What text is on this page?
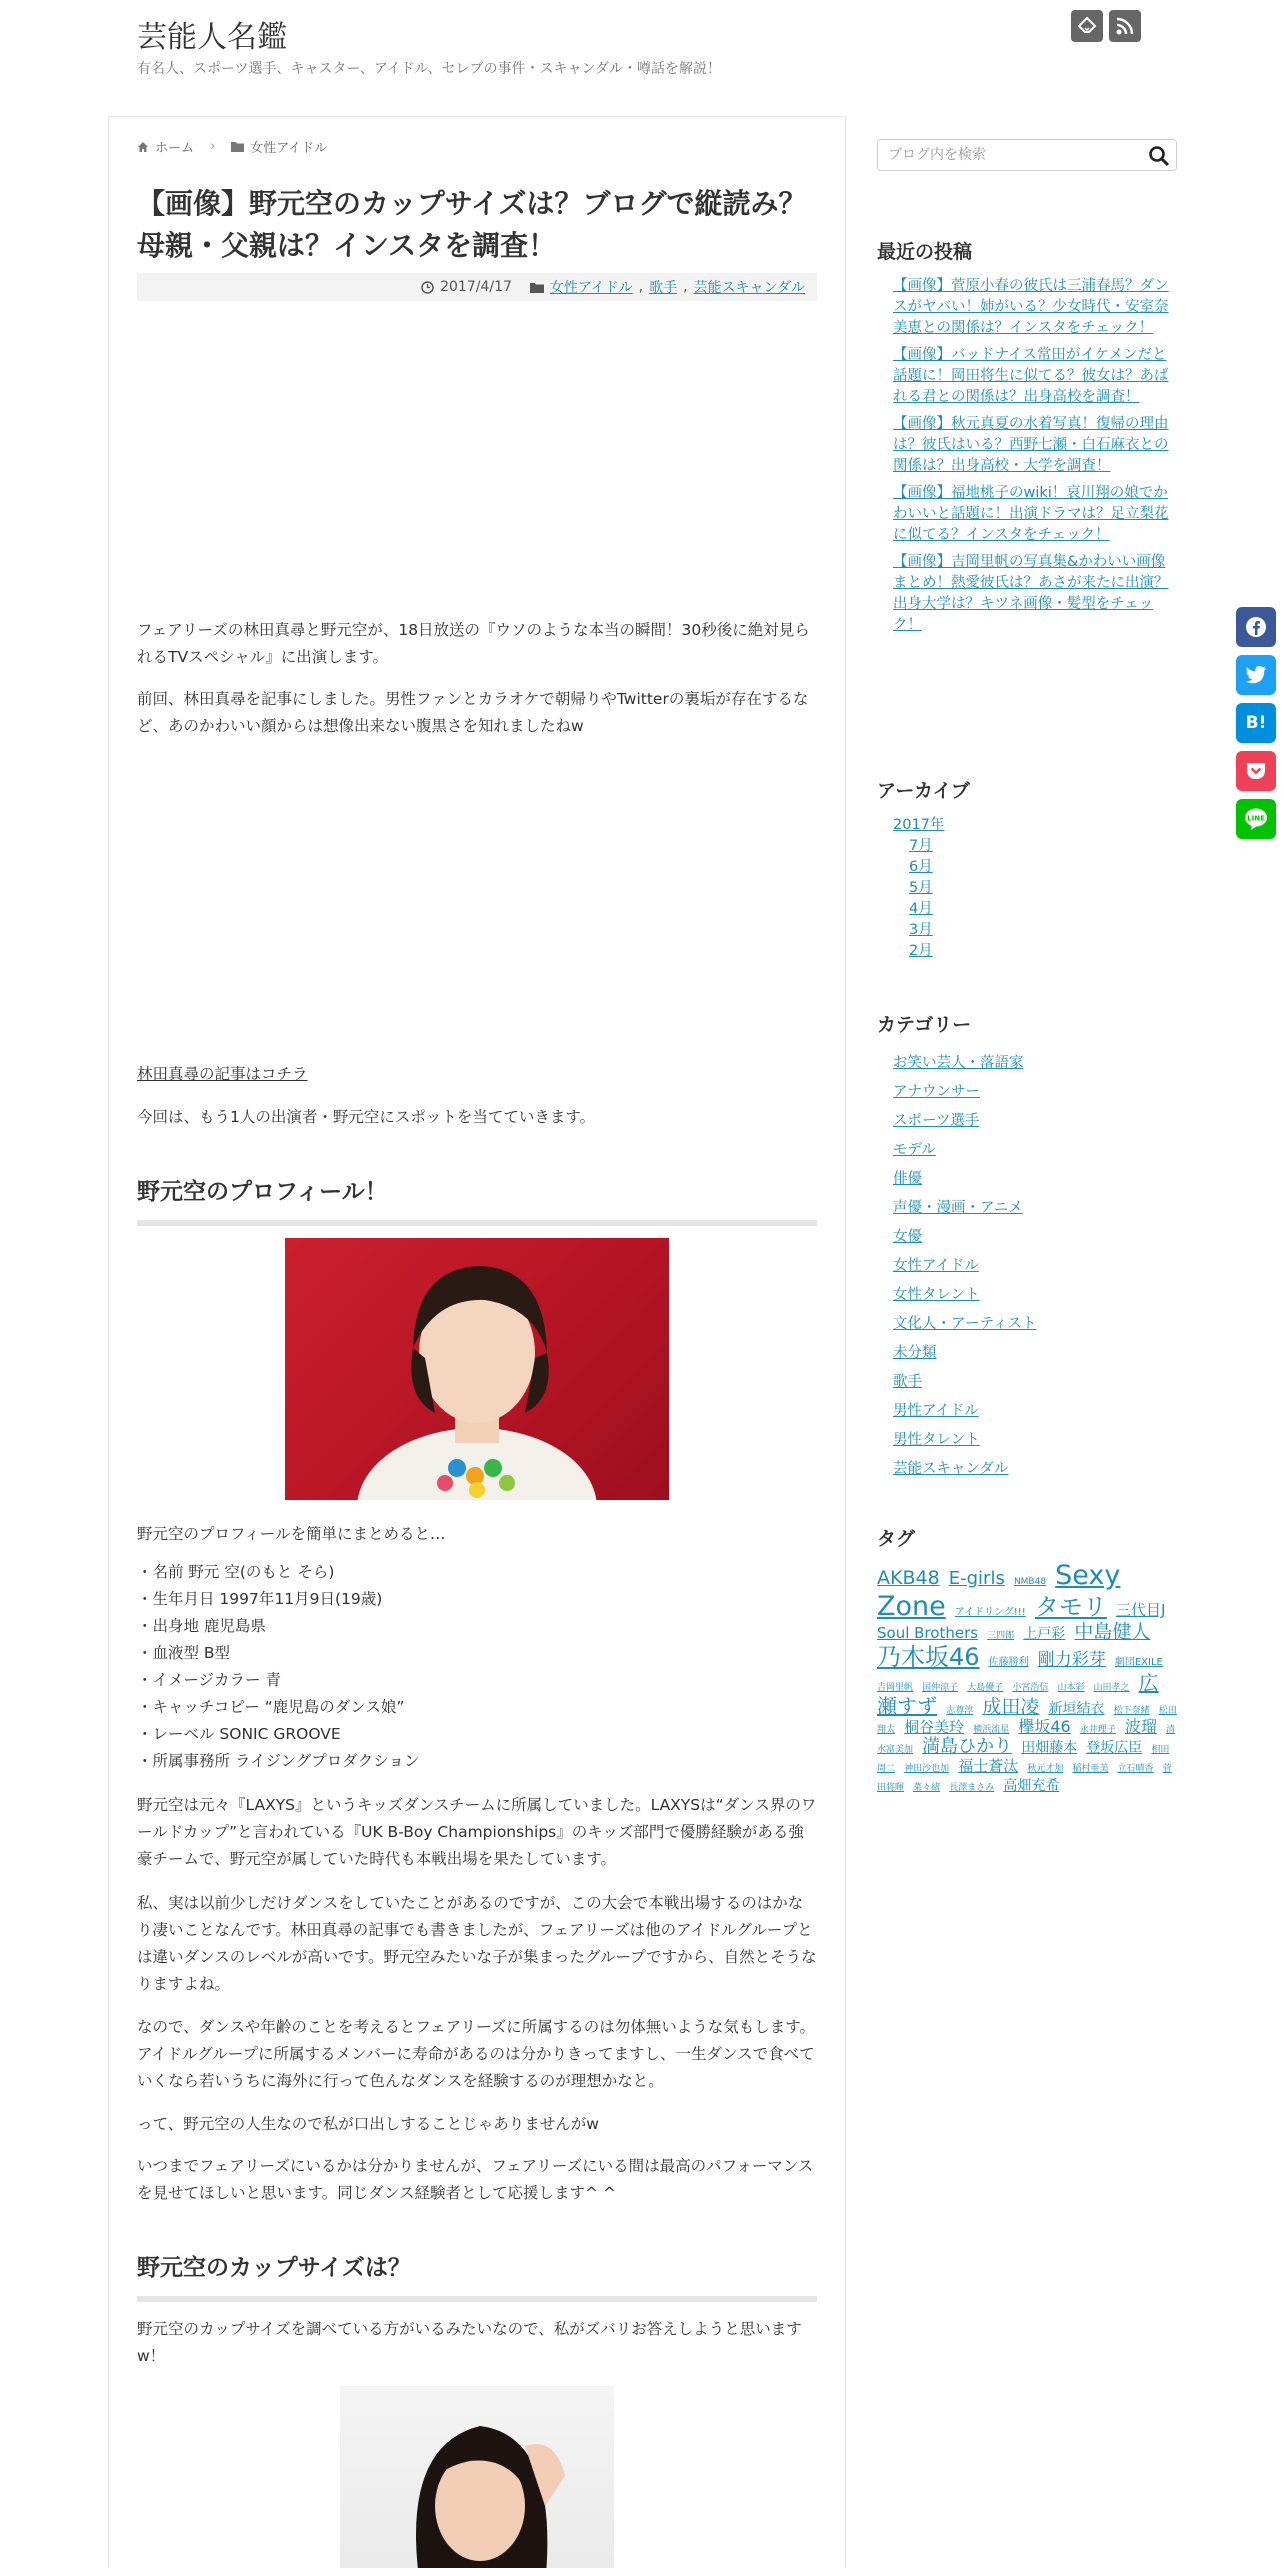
芸能人名鑑
有名人、スポーツ選手、キャスター、アイドル、セレブの事件・スキャンダル・噂話を解説！
ホーム ›	女性アイドル
【画像】野元空のカップサイズは？ブログで縦読み？母親・父親は？インスタを調査！
2017/4/17	女性アイドル , 歌手 , 芸能スキャンダル

フェアリーズの林田真尋と野元空が、18日放送の『ウソのような本当の瞬間！30秒後に絶対見られるTVスペシャル』に出演します。

前回、林田真尋を記事にしました。男性ファンとカラオケで朝帰りやTwitterの裏垢が存在するなど、あのかわいい顔からは想像出来ない腹黒さを知れましたねw

林田真尋の記事はコチラ

今回は、もう1人の出演者・野元空にスポットを当てていきます。

野元空のプロフィール！

野元空のプロフィールを簡単にまとめると…

・名前 野元 空(のもと そら)
・生年月日 1997年11月9日(19歳)
・出身地 鹿児島県
・血液型 B型
・イメージカラー 青
・キャッチコピー “鹿児島のダンス娘”
・レーベル SONIC GROOVE
・所属事務所 ライジングプロダクション

野元空は元々『LAXYS』というキッズダンスチームに所属していました。LAXYSは“ダンス界のワールドカップ”と言われている『UK B-Boy Championships』のキッズ部門で優勝経験がある強豪チームで、野元空が属していた時代も本戦出場を果たしています。

私、実は以前少しだけダンスをしていたことがあるのですが、この大会で本戦出場するのはかなり凄いことなんです。林田真尋の記事でも書きましたが、フェアリーズは他のアイドルグループとは違いダンスのレベルが高いです。野元空みたいな子が集まったグループですから、自然とそうなりますよね。

なので、ダンスや年齢のことを考えるとフェアリーズに所属するのは勿体無いような気もします。アイドルグループに所属するメンバーに寿命があるのは分かりきってますし、一生ダンスで食べていくなら若いうちに海外に行って色んなダンスを経験するのが理想かなと。

って、野元空の人生なので私が口出しすることじゃありませんがw

いつまでフェアリーズにいるかは分かりませんが、フェアリーズにいる間は最高のパフォーマンスを見せてほしいと思います。同じダンス経験者として応援します^ ^

野元空のカップサイズは？

野元空のカップサイズを調べている方がいるみたいなので、私がズバリお答えしようと思いますw！

ブログ内を検索
最近の投稿
【画像】菅原小春の彼氏は三浦春馬？ダンスがヤバい！姉がいる？少女時代・安室奈美恵との関係は？インスタをチェック！
【画像】バッドナイス常田がイケメンだと話題に！岡田将生に似てる？彼女は？あばれる君との関係は？出身高校を調査！
【画像】秋元真夏の水着写真！復帰の理由は？彼氏はいる？西野七瀬・白石麻衣との関係は？出身高校・大学を調査！
【画像】福地桃子のwiki！哀川翔の娘でかわいいと話題に！出演ドラマは？足立梨花に似てる？インスタをチェック！
【画像】吉岡里帆の写真集&かわいい画像まとめ！熱愛彼氏は？あさが来たに出演？出身大学は？キツネ画像・髪型をチェック！
アーカイブ
2017年
7月
6月
5月
4月
3月
2月
カテゴリー
お笑い芸人・落語家
アナウンサー
スポーツ選手
モデル
俳優
声優・漫画・アニメ
女優
女性アイドル
女性タレント
文化人・アーティスト
未分類
歌手
男性アイドル
男性タレント
芸能スキャンダル
タグ
AKB48 E-girls NMB48 Sexy Zone アイドリング!!! タモリ 三代目J Soul Brothers 三四郎 上戸彩 中島健人 乃木坂46 佐藤勝利 剛力彩芽 劇団EXILE 吉岡里帆 国仲涼子 大島優子 小宮浩信 山本彩 山田孝之 広瀬すず 志尊淳 成田凌 新垣結衣 松下奈緒 松田翔太 桐谷美玲 横浜流星 欅坂46 永井理子 波瑠 清水富美加 満島ひかり 田畑藤本 登坂広臣 相田周二 神田沙也加 福士蒼汰 秋元才加 稲村亜美 立石晴香 菅田将暉 菜々緒 長澤まさみ 高畑充希
B!
LINE
